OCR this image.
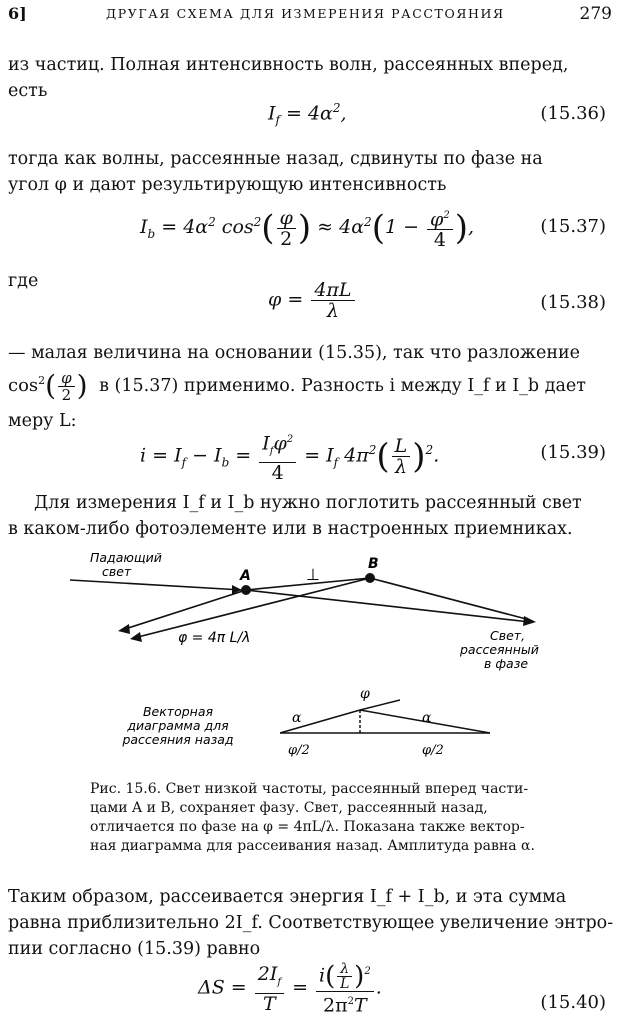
6]	ДРУГАЯ СХЕМА ДЛЯ ИЗМЕРЕНИЯ РАССТОЯНИЯ	279
из частиц. Полная интенсивность волн, рассеянных вперед,
есть
$I_f = 4\alpha^2$,	(15.36)
тогда как волны, рассеянные назад, сдвинуты по фазе на
угол φ и дают результирующую интенсивность
$I_b = 4\alpha^2$ $\cos^2( \frac{\varphi}{2}$ ) ≈ $4\alpha^2(1 - \frac{\varphi^2}{4}$ ),	(15.37)
где
$\varphi = \frac{4\pi L}{\lambda}$	(15.38)
— малая величина на основании (15.35), так что разложение
$\cos^2( \frac{\varphi}{2}$ ) в (15.37) применимо. Разность i между I_f и I_b дает
меру L:
$i = I_f - I_b = \frac{I_f\varphi^2}{4} = I_f$ $4\pi^2( \frac{L}{\lambda} )^2$.	(15.39)
Для измерения I_f и I_b нужно поглотить рассеянный свет
в каком-либо фотоэлементе или в настроенных приемниках.
Падающий
свет	A
B
⊥
φ = 4π L/λ	Свет,
рассеянный
в фазе
Векторная
диаграмма для
рассеяния назад
α	α
φ
φ/2	φ/2
Рис. 15.6. Свет низкой частоты, рассеянный вперед части-
цами A и B, сохраняет фазу. Свет, рассеянный назад,
отличается по фазе на φ = 4πL/λ. Показана также вектор-
ная диаграмма для рассеивания назад. Амплитуда равна α.
Таким образом, рассеивается энергия I_f + I_b, и эта сумма
равна приблизительно 2I_f. Соответствующее увеличение энтро-
пии согласно (15.39) равно
$\Delta S = \frac{2I_f}{T} = \frac{i( \frac{\lambda}{L} )^2}{2\pi^2T}$ .
(15.40)
